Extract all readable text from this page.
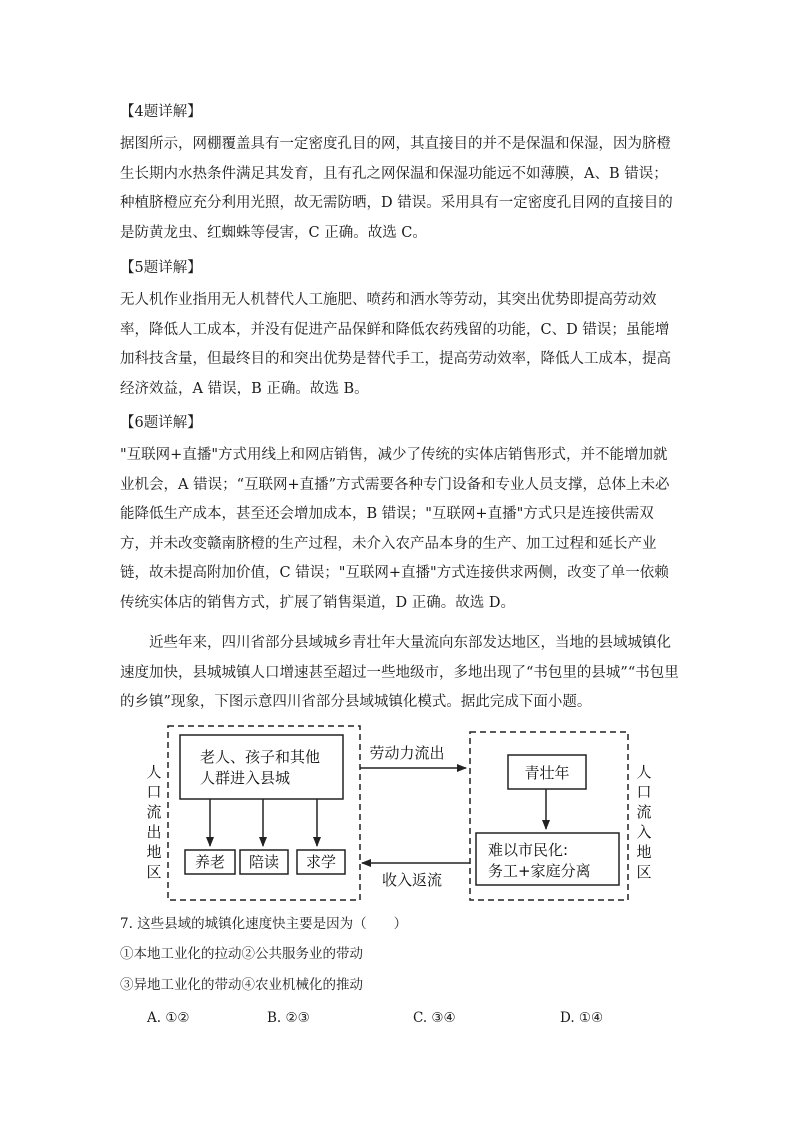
【4题详解】

据图所示，网棚覆盖具有一定密度孔目的网，其直接目的并不是保温和保湿，因为脐橙生长期内水热条件满足其发育，且有孔之网保温和保湿功能远不如薄膜，A、B 错误；种植脐橙应充分利用光照，故无需防晒，D 错误。采用具有一定密度孔目网的直接目的是防黄龙虫、红蜘蛛等侵害，C 正确。故选 C。

【5题详解】

无人机作业指用无人机替代人工施肥、喷药和洒水等劳动，其突出优势即提高劳动效率，降低人工成本，并没有促进产品保鲜和降低农药残留的功能，C、D 错误；虽能增加科技含量，但最终目的和突出优势是替代手工，提高劳动效率，降低人工成本，提高经济效益，A 错误，B 正确。故选 B。

【6题详解】

"互联网+直播"方式用线上和网店销售，减少了传统的实体店销售形式，并不能增加就业机会，A 错误；“互联网+直播”方式需要各种专门设备和专业人员支撑，总体上未必能降低生产成本，甚至还会增加成本，B 错误；"互联网+直播"方式只是连接供需双方，并未改变赣南脐橙的生产过程，未介入农产品本身的生产、加工过程和延长产业链，故未提高附加价值，C 错误；"互联网+直播"方式连接供求两侧，改变了单一依赖传统实体店的销售方式，扩展了销售渠道，D 正确。故选 D。

近些年来，四川省部分县域城乡青壮年大量流向东部发达地区，当地的县域城镇化速度加快，县城城镇人口增速甚至超过一些地级市，多地出现了“书包里的县城”“书包里的乡镇”现象，下图示意四川省部分县域城镇化模式。据此完成下面小题。

人
口
流
出
地
区
老人、孩子和其他
人群进入县城
养老 陪读 求学
劳动力流出
收入返流
人
口
流
入
地
区
青壮年
难以市民化:
务工+家庭分离

7. 这些县域的城镇化速度快主要是因为（　　）

①本地工业化的拉动②公共服务业的带动

③异地工业化的带动④农业机械化的推动

A. ①②	B. ②③	C. ③④	D. ①④
